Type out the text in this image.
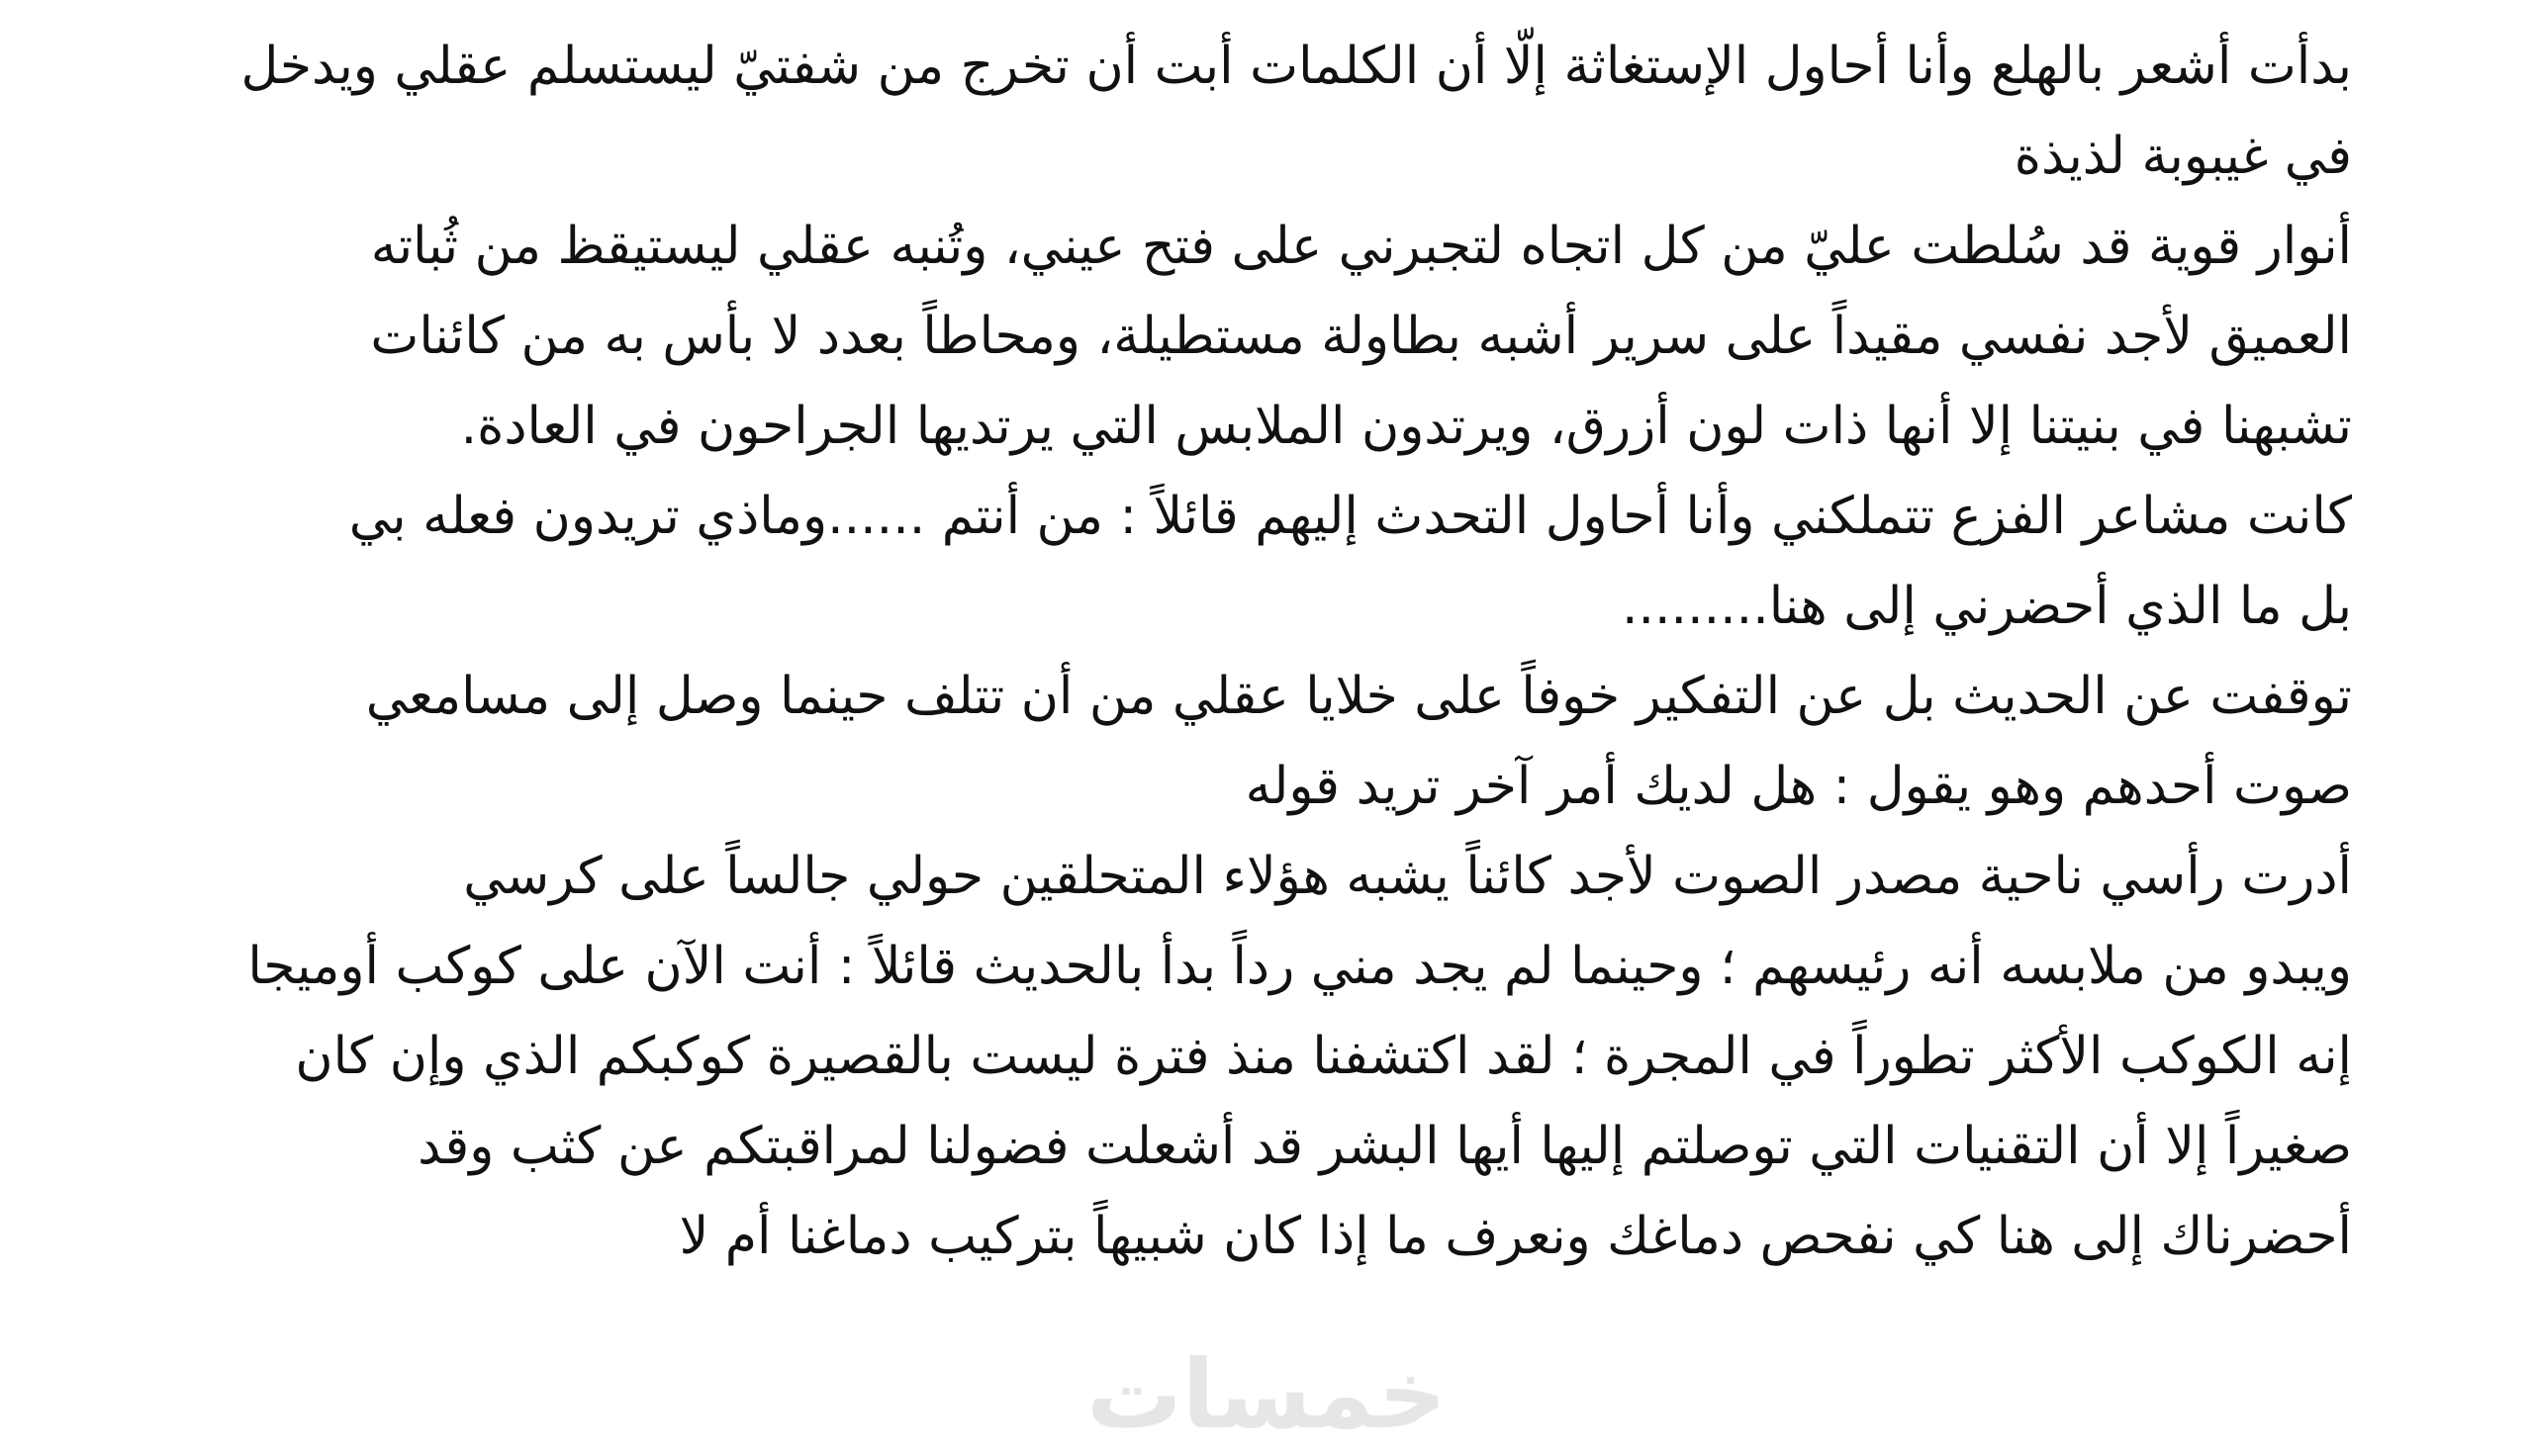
بدأت أشعر بالهلع وأنا أحاول الإستغاثة إلّا أن الكلمات أبت أن تخرج من شفتيّ ليستسلم عقلي ويدخل
في غيبوبة لذيذة
أنوار قوية قد سُلطت عليّ من كل اتجاه لتجبرني على فتح عيني، وتُنبه عقلي ليستيقظ من ثُباته
العميق لأجد نفسي مقيداً على سرير أشبه بطاولة مستطيلة، ومحاطاً بعدد لا بأس به من كائنات
تشبهنا في بنيتنا إلا أنها ذات لون أزرق، ويرتدون الملابس التي يرتديها الجراحون في العادة.
كانت مشاعر الفزع تتملكني وأنا أحاول التحدث إليهم قائلاً : من أنتم ......وماذي تريدون فعله بي
بل ما الذي أحضرني إلى هنا.........
توقفت عن الحديث بل عن التفكير خوفاً على خلايا عقلي من أن تتلف حينما وصل إلى مسامعي
صوت أحدهم وهو يقول : هل لديك أمر آخر تريد قوله
أدرت رأسي ناحية مصدر الصوت لأجد كائناً يشبه هؤلاء المتحلقين حولي جالساً على كرسي
ويبدو من ملابسه أنه رئيسهم ؛ وحينما لم يجد مني رداً بدأ بالحديث قائلاً : أنت الآن على كوكب أوميجا
إنه الكوكب الأكثر تطوراً في المجرة ؛ لقد اكتشفنا منذ فترة ليست بالقصيرة كوكبكم الذي وإن كان
صغيراً إلا أن التقنيات التي توصلتم إليها أيها البشر قد أشعلت فضولنا لمراقبتكم عن كثب وقد
أحضرناك إلى هنا كي نفحص دماغك ونعرف ما إذا كان شبيهاً بتركيب دماغنا أم لا
خمسات
